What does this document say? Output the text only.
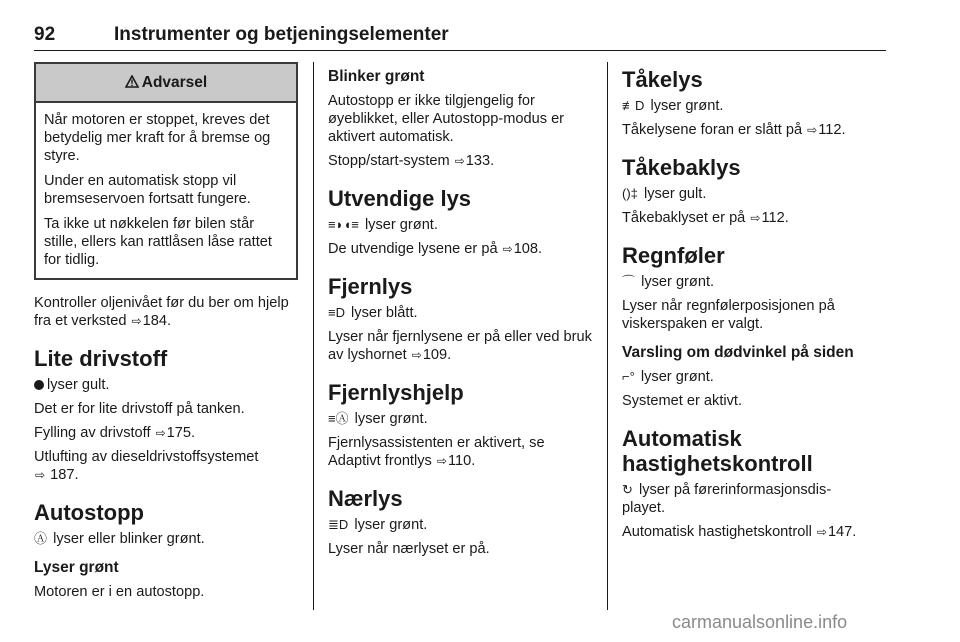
92	Instrumenter og betjeningselementer
Advarsel

Når motoren er stoppet, kreves det betydelig mer kraft for å bremse og styre.

Under en automatisk stopp vil bremseservoen fortsatt fungere.

Ta ikke ut nøkkelen før bilen står stille, ellers kan rattlåsen låse rattet for tidlig.

Kontroller oljenivået før du ber om hjelp fra et verksted ⇨184.

Lite drivstoff

lyser gult.

Det er for lite drivstoff på tanken.

Fylling av drivstoff ⇨175.

Utlufting av dieseldrivstoffsystemet
⇨ 187.

Autostopp

Ⓐ lyser eller blinker grønt.

Lyser grønt

Motoren er i en autostopp.

Blinker grønt

Autostopp er ikke tilgjengelig for øyeblikket, eller Autostopp-modus er aktivert automatisk.

Stopp/start-system ⇨133.

Utvendige lys

≡◗◖≡ lyser grønt.

De utvendige lysene er på ⇨108.

Fjernlys

≡D lyser blått.

Lyser når fjernlysene er på eller ved bruk av lyshornet ⇨109.

Fjernlyshjelp

≡Ⓐ lyser grønt.

Fjernlysassistenten er aktivert, se Adaptivt frontlys ⇨110.

Nærlys

≣D lyser grønt.

Lyser når nærlyset er på.

Tåkelys

≢D lyser grønt.

Tåkelysene foran er slått på ⇨112.

Tåkebaklys

()‡ lyser gult.

Tåkebaklyset er på ⇨112.

Regnføler

⌒ lyser grønt.

Lyser når regnfølerposisjonen på viskerspaken er valgt.

Varsling om dødvinkel på siden

⌐° lyser grønt.

Systemet er aktivt.

Automatisk
hastighetskontroll

↻ lyser på førerinformasjonsdis-
playet.

Automatisk hastighetskontroll ⇨147.

carmanualsonline.info
